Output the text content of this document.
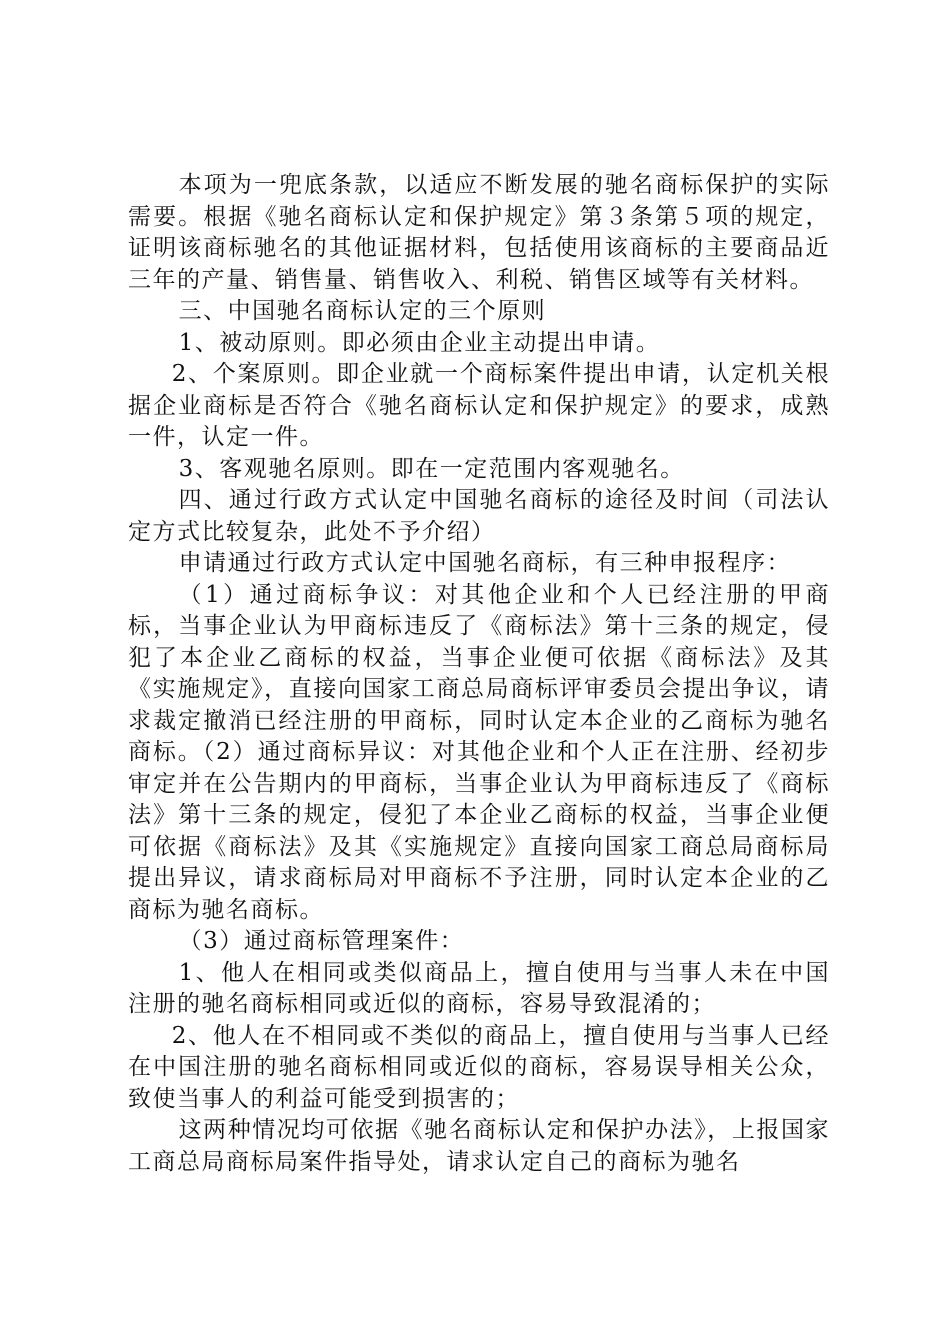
本项为一兜底条款，以适应不断发展的驰名商标保护的实际需要。根据《驰名商标认定和保护规定》第３条第５项的规定，证明该商标驰名的其他证据材料，包括使用该商标的主要商品近三年的产量、销售量、销售收入、利税、销售区域等有关材料。

三、中国驰名商标认定的三个原则

1、被动原则。即必须由企业主动提出申请。

2、个案原则。即企业就一个商标案件提出申请，认定机关根据企业商标是否符合《驰名商标认定和保护规定》的要求，成熟一件，认定一件。

3、客观驰名原则。即在一定范围内客观驰名。

四、通过行政方式认定中国驰名商标的途径及时间（司法认定方式比较复杂，此处不予介绍）

申请通过行政方式认定中国驰名商标，有三种申报程序：

（1）通过商标争议：对其他企业和个人已经注册的甲商标，当事企业认为甲商标违反了《商标法》第十三条的规定，侵犯了本企业乙商标的权益，当事企业便可依据《商标法》及其《实施规定》，直接向国家工商总局商标评审委员会提出争议，请求裁定撤消已经注册的甲商标，同时认定本企业的乙商标为驰名商标。（2）通过商标异议：对其他企业和个人正在注册、经初步审定并在公告期内的甲商标，当事企业认为甲商标违反了《商标法》第十三条的规定，侵犯了本企业乙商标的权益，当事企业便可依据《商标法》及其《实施规定》直接向国家工商总局商标局提出异议，请求商标局对甲商标不予注册，同时认定本企业的乙商标为驰名商标。

（3）通过商标管理案件：

1、他人在相同或类似商品上，擅自使用与当事人未在中国注册的驰名商标相同或近似的商标，容易导致混淆的；

2、他人在不相同或不类似的商品上，擅自使用与当事人已经在中国注册的驰名商标相同或近似的商标，容易误导相关公众，致使当事人的利益可能受到损害的；

这两种情况均可依据《驰名商标认定和保护办法》，上报国家工商总局商标局案件指导处，请求认定自己的商标为驰名
